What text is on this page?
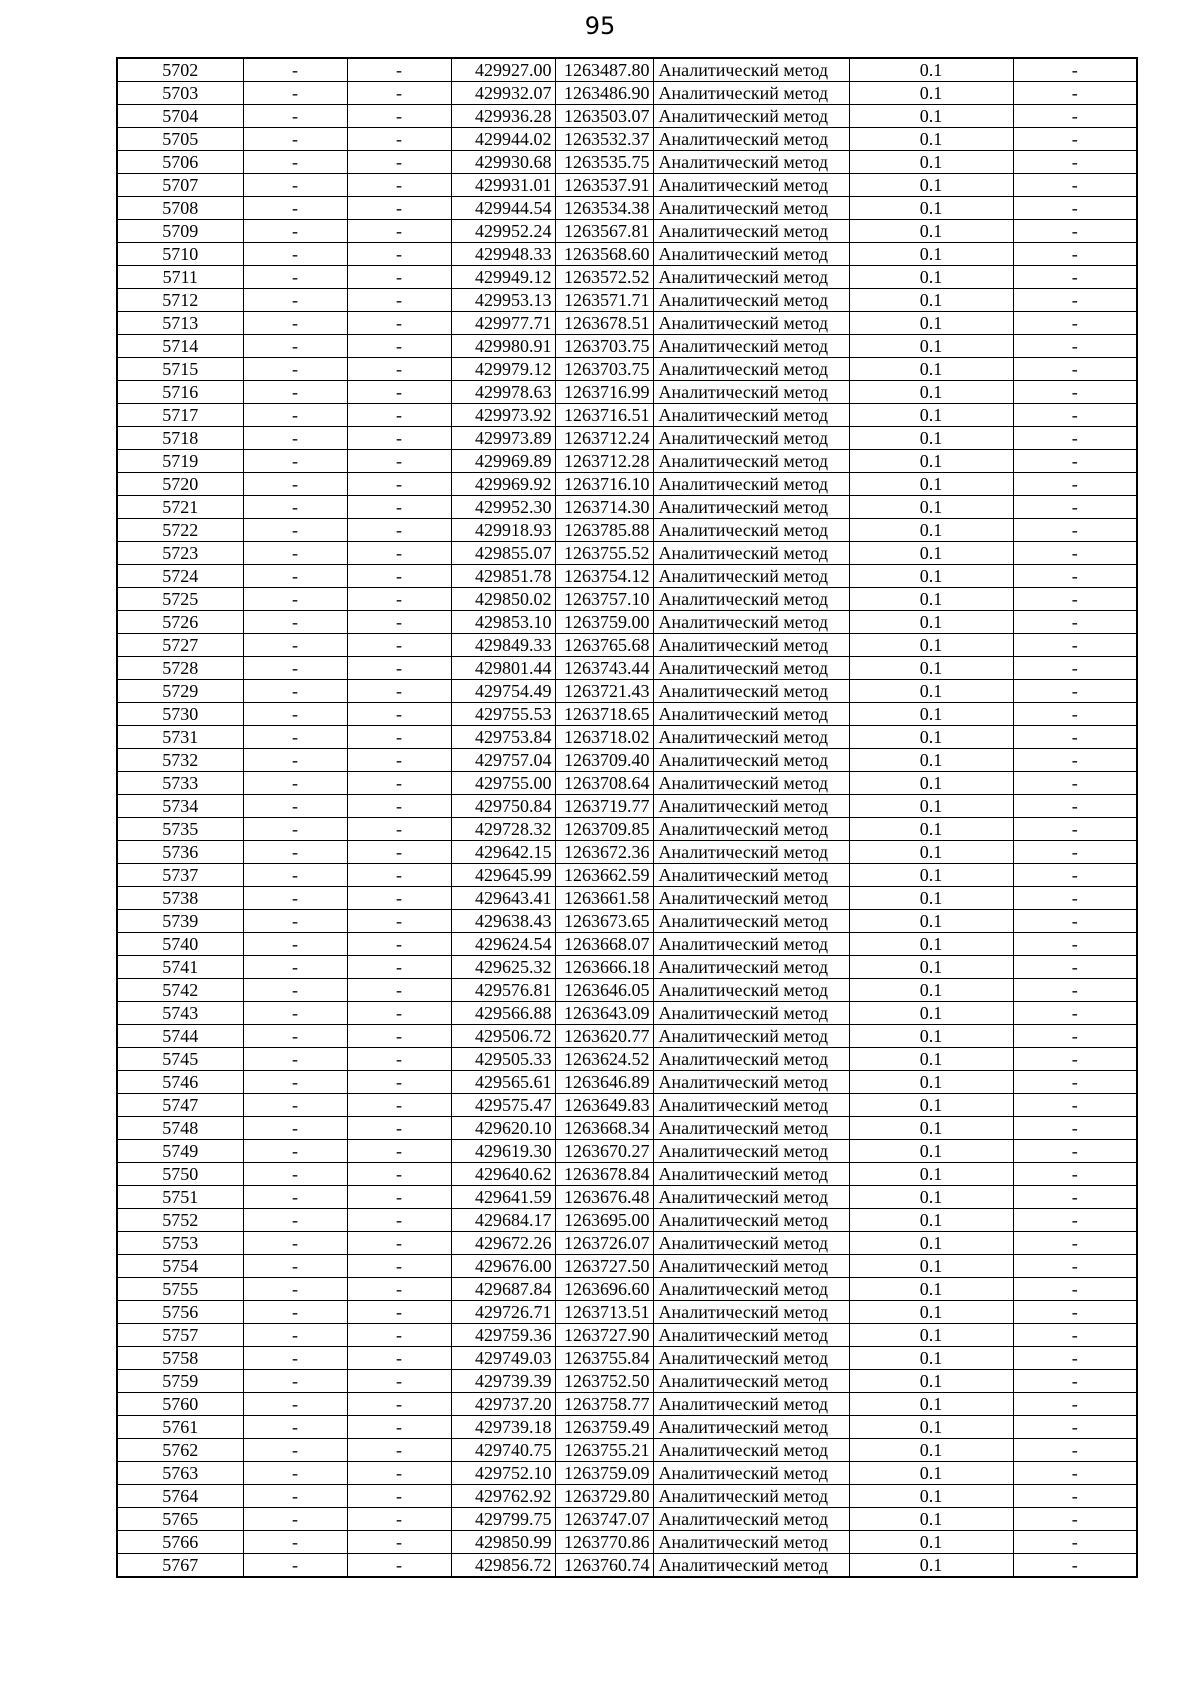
95
5702	-	-	429927.00	1263487.80	Аналитический метод	0.1	-
5703	-	-	429932.07	1263486.90	Аналитический метод	0.1	-
5704	-	-	429936.28	1263503.07	Аналитический метод	0.1	-
5705	-	-	429944.02	1263532.37	Аналитический метод	0.1	-
5706	-	-	429930.68	1263535.75	Аналитический метод	0.1	-
5707	-	-	429931.01	1263537.91	Аналитический метод	0.1	-
5708	-	-	429944.54	1263534.38	Аналитический метод	0.1	-
5709	-	-	429952.24	1263567.81	Аналитический метод	0.1	-
5710	-	-	429948.33	1263568.60	Аналитический метод	0.1	-
5711	-	-	429949.12	1263572.52	Аналитический метод	0.1	-
5712	-	-	429953.13	1263571.71	Аналитический метод	0.1	-
5713	-	-	429977.71	1263678.51	Аналитический метод	0.1	-
5714	-	-	429980.91	1263703.75	Аналитический метод	0.1	-
5715	-	-	429979.12	1263703.75	Аналитический метод	0.1	-
5716	-	-	429978.63	1263716.99	Аналитический метод	0.1	-
5717	-	-	429973.92	1263716.51	Аналитический метод	0.1	-
5718	-	-	429973.89	1263712.24	Аналитический метод	0.1	-
5719	-	-	429969.89	1263712.28	Аналитический метод	0.1	-
5720	-	-	429969.92	1263716.10	Аналитический метод	0.1	-
5721	-	-	429952.30	1263714.30	Аналитический метод	0.1	-
5722	-	-	429918.93	1263785.88	Аналитический метод	0.1	-
5723	-	-	429855.07	1263755.52	Аналитический метод	0.1	-
5724	-	-	429851.78	1263754.12	Аналитический метод	0.1	-
5725	-	-	429850.02	1263757.10	Аналитический метод	0.1	-
5726	-	-	429853.10	1263759.00	Аналитический метод	0.1	-
5727	-	-	429849.33	1263765.68	Аналитический метод	0.1	-
5728	-	-	429801.44	1263743.44	Аналитический метод	0.1	-
5729	-	-	429754.49	1263721.43	Аналитический метод	0.1	-
5730	-	-	429755.53	1263718.65	Аналитический метод	0.1	-
5731	-	-	429753.84	1263718.02	Аналитический метод	0.1	-
5732	-	-	429757.04	1263709.40	Аналитический метод	0.1	-
5733	-	-	429755.00	1263708.64	Аналитический метод	0.1	-
5734	-	-	429750.84	1263719.77	Аналитический метод	0.1	-
5735	-	-	429728.32	1263709.85	Аналитический метод	0.1	-
5736	-	-	429642.15	1263672.36	Аналитический метод	0.1	-
5737	-	-	429645.99	1263662.59	Аналитический метод	0.1	-
5738	-	-	429643.41	1263661.58	Аналитический метод	0.1	-
5739	-	-	429638.43	1263673.65	Аналитический метод	0.1	-
5740	-	-	429624.54	1263668.07	Аналитический метод	0.1	-
5741	-	-	429625.32	1263666.18	Аналитический метод	0.1	-
5742	-	-	429576.81	1263646.05	Аналитический метод	0.1	-
5743	-	-	429566.88	1263643.09	Аналитический метод	0.1	-
5744	-	-	429506.72	1263620.77	Аналитический метод	0.1	-
5745	-	-	429505.33	1263624.52	Аналитический метод	0.1	-
5746	-	-	429565.61	1263646.89	Аналитический метод	0.1	-
5747	-	-	429575.47	1263649.83	Аналитический метод	0.1	-
5748	-	-	429620.10	1263668.34	Аналитический метод	0.1	-
5749	-	-	429619.30	1263670.27	Аналитический метод	0.1	-
5750	-	-	429640.62	1263678.84	Аналитический метод	0.1	-
5751	-	-	429641.59	1263676.48	Аналитический метод	0.1	-
5752	-	-	429684.17	1263695.00	Аналитический метод	0.1	-
5753	-	-	429672.26	1263726.07	Аналитический метод	0.1	-
5754	-	-	429676.00	1263727.50	Аналитический метод	0.1	-
5755	-	-	429687.84	1263696.60	Аналитический метод	0.1	-
5756	-	-	429726.71	1263713.51	Аналитический метод	0.1	-
5757	-	-	429759.36	1263727.90	Аналитический метод	0.1	-
5758	-	-	429749.03	1263755.84	Аналитический метод	0.1	-
5759	-	-	429739.39	1263752.50	Аналитический метод	0.1	-
5760	-	-	429737.20	1263758.77	Аналитический метод	0.1	-
5761	-	-	429739.18	1263759.49	Аналитический метод	0.1	-
5762	-	-	429740.75	1263755.21	Аналитический метод	0.1	-
5763	-	-	429752.10	1263759.09	Аналитический метод	0.1	-
5764	-	-	429762.92	1263729.80	Аналитический метод	0.1	-
5765	-	-	429799.75	1263747.07	Аналитический метод	0.1	-
5766	-	-	429850.99	1263770.86	Аналитический метод	0.1	-
5767	-	-	429856.72	1263760.74	Аналитический метод	0.1	-
